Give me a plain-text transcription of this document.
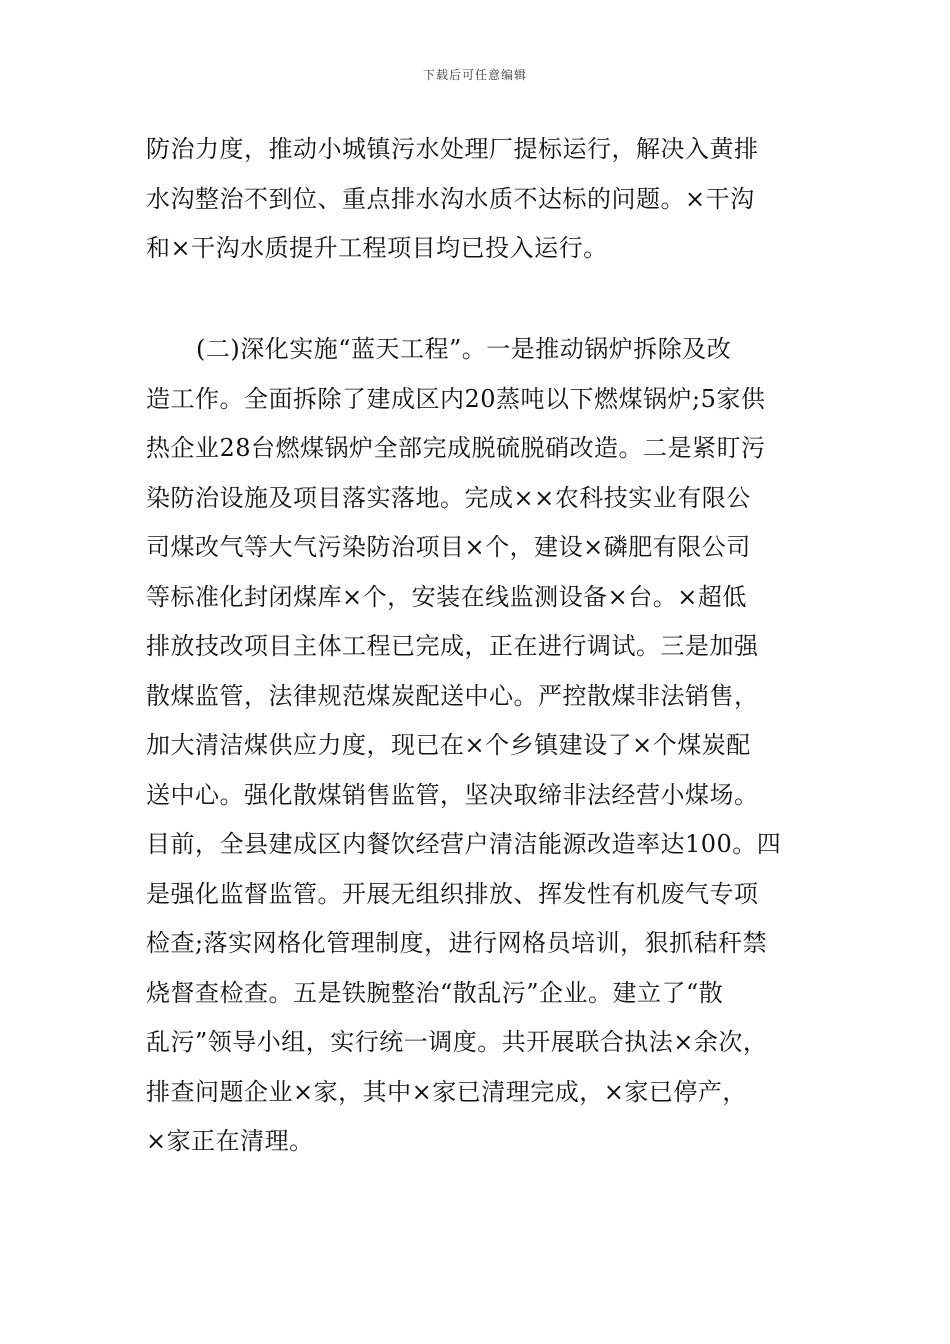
下载后可任意编辑
防治力度，推动小城镇污水处理厂提标运行，解决入黄排
水沟整治不到位、重点排水沟水质不达标的问题。×干沟
和×干沟水质提升工程项目均已投入运行。
(二)深化实施“蓝天工程”。一是推动锅炉拆除及改
造工作。全面拆除了建成区内20蒸吨以下燃煤锅炉;5家供
热企业28台燃煤锅炉全部完成脱硫脱硝改造。二是紧盯污
染防治设施及项目落实落地。完成××农科技实业有限公
司煤改气等大气污染防治项目×个，建设×磷肥有限公司
等标准化封闭煤库×个，安装在线监测设备×台。×超低
排放技改项目主体工程已完成，正在进行调试。三是加强
散煤监管，法律规范煤炭配送中心。严控散煤非法销售，
加大清洁煤供应力度，现已在×个乡镇建设了×个煤炭配
送中心。强化散煤销售监管，坚决取缔非法经营小煤场。
目前，全县建成区内餐饮经营户清洁能源改造率达100。四
是强化监督监管。开展无组织排放、挥发性有机废气专项
检查;落实网格化管理制度，进行网格员培训，狠抓秸秆禁
烧督查检查。五是铁腕整治“散乱污”企业。建立了“散
乱污”领导小组，实行统一调度。共开展联合执法×余次，
排查问题企业×家，其中×家已清理完成，×家已停产，
×家正在清理。
